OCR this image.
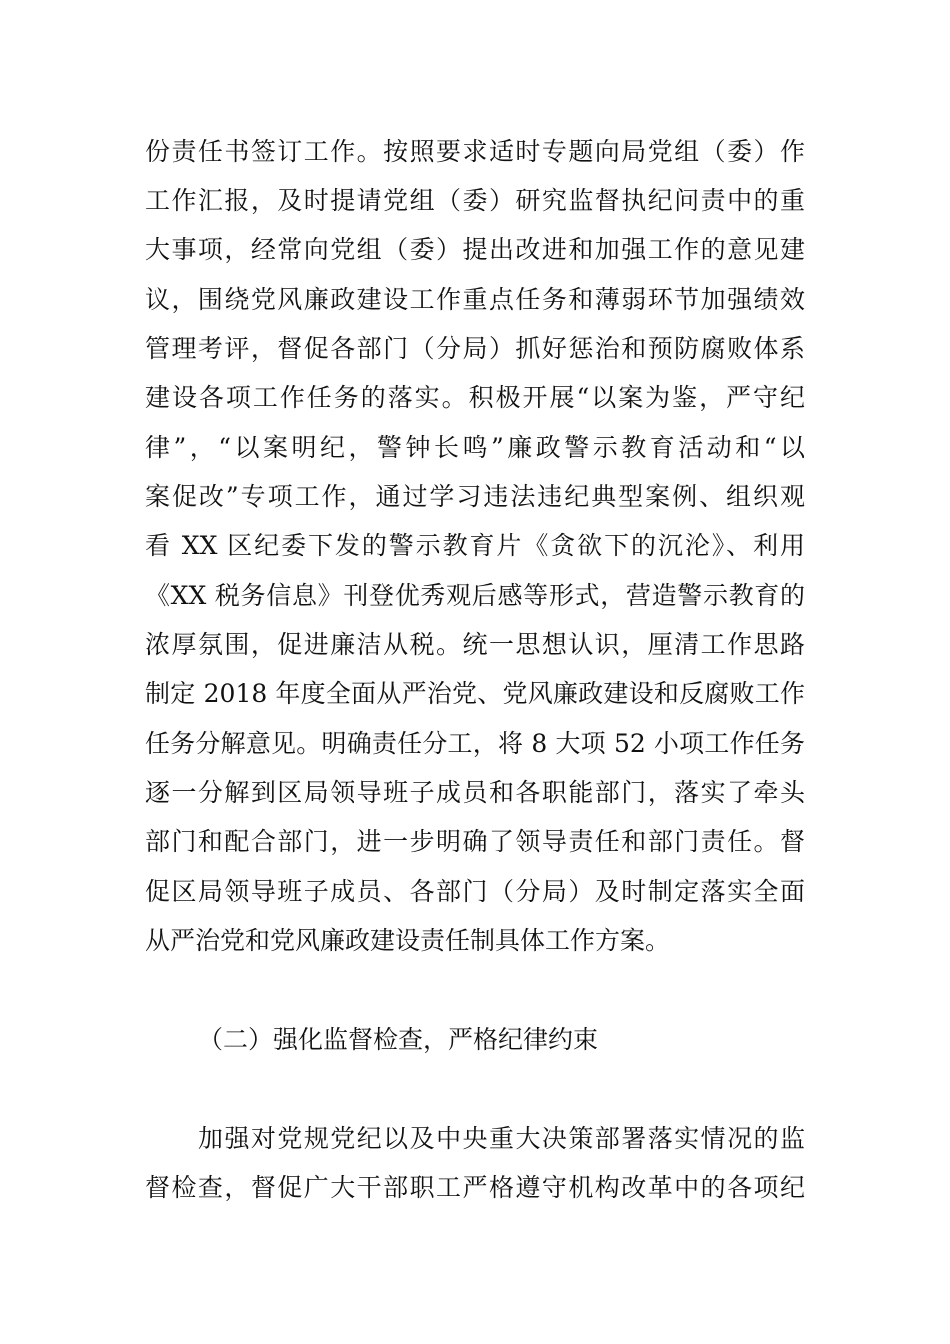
份责任书签订工作。按照要求适时专题向局党组（委）作
工作汇报，及时提请党组（委）研究监督执纪问责中的重
大事项，经常向党组（委）提出改进和加强工作的意见建
议，围绕党风廉政建设工作重点任务和薄弱环节加强绩效
管理考评，督促各部门（分局）抓好惩治和预防腐败体系
建设各项工作任务的落实。积极开展“以案为鉴，严守纪
律”，“以案明纪，警钟长鸣”廉政警示教育活动和“以
案促改”专项工作，通过学习违法违纪典型案例、组织观
看 XX 区纪委下发的警示教育片《贪欲下的沉沦》、利用
《XX 税务信息》刊登优秀观后感等形式，营造警示教育的
浓厚氛围，促进廉洁从税。统一思想认识，厘清工作思路
制定 2018 年度全面从严治党、党风廉政建设和反腐败工作
任务分解意见。明确责任分工，将 8 大项 52 小项工作任务
逐一分解到区局领导班子成员和各职能部门，落实了牵头
部门和配合部门，进一步明确了领导责任和部门责任。督
促区局领导班子成员、各部门（分局）及时制定落实全面
从严治党和党风廉政建设责任制具体工作方案。
（二）强化监督检查，严格纪律约束
加强对党规党纪以及中央重大决策部署落实情况的监
督检查，督促广大干部职工严格遵守机构改革中的各项纪
